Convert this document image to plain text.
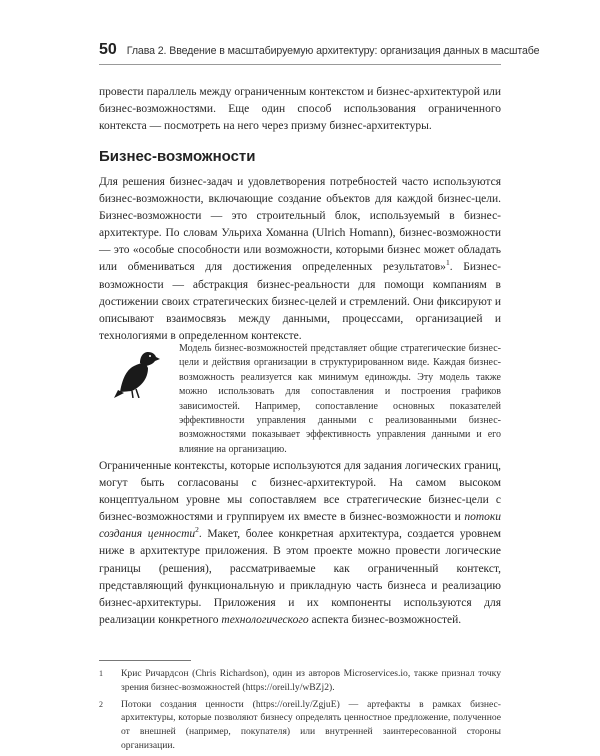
50 Глава 2. Введение в масштабируемую архитектуру: организация данных в масштабе

провести параллель между ограниченным контекстом и бизнес-архитектурой или бизнес-возможностями. Еще один способ использования ограниченного контекста — посмотреть на него через призму бизнес-архитектуры.

Бизнес-возможности

Для решения бизнес-задач и удовлетворения потребностей часто используются бизнес-возможности, включающие создание объектов для каждой бизнес-цели. Бизнес-возможности — это строительный блок, используемый в бизнес-архитектуре. По словам Ульриха Хоманна (Ulrich Homann), бизнес-возможности — это «особые способности или возможности, которыми бизнес может обладать или обмениваться для достижения определенных результатов»$^1$. Бизнес-возможности — абстракция бизнес-реальности для помощи компаниям в достижении своих стратегических бизнес-целей и стремлений. Они фиксируют и описывают взаимосвязь между данными, процессами, организацией и технологиями в определенном контексте.

Модель бизнес-возможностей представляет общие стратегические бизнес-цели и действия организации в структурированном виде. Каждая бизнес-возможность реализуется как минимум единожды. Эту модель также можно использовать для сопоставления и построения графиков зависимостей. Например, сопоставление основных показателей эффективности управления данными с реализованными бизнес-возможностями показывает эффективность управления данными и его влияние на организацию.

Ограниченные контексты, которые используются для задания логических границ, могут быть согласованы с бизнес-архитектурой. На самом высоком концептуальном уровне мы сопоставляем все стратегические бизнес-цели с бизнес-возможностями и группируем их вместе в бизнес-возможности и потоки создания ценности$^2$. Макет, более конкретная архитектура, создается уровнем ниже в архитектуре приложения. В этом проекте можно провести логические границы (решения), рассматриваемые как ограниченный контекст, представляющий функциональную и прикладную часть бизнеса и реализацию бизнес-архитектуры. Приложения и их компоненты используются для реализации конкретного технологического аспекта бизнес-возможностей.

1 Крис Ричардсон (Chris Richardson), один из авторов Microservices.io, также признал точку зрения бизнес-возможностей (https://oreil.ly/wBZj2).

2 Потоки создания ценности (https://oreil.ly/ZgjuE) — артефакты в рамках бизнес-архитектуры, которые позволяют бизнесу определять ценностное предложение, полученное от внешней (например, покупателя) или внутренней заинтересованной стороны организации.
